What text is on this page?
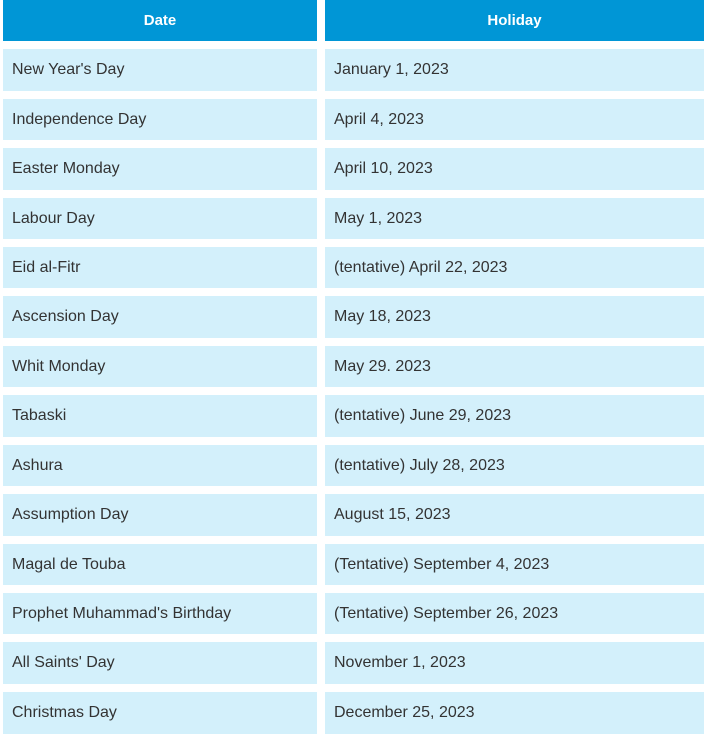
Date	Holiday
New Year's Day	January 1, 2023
Independence Day	April 4, 2023
Easter Monday	April 10, 2023
Labour Day	May 1, 2023
Eid al-Fitr	(tentative) April 22, 2023
Ascension Day	May 18, 2023
Whit Monday	May 29. 2023
Tabaski	(tentative) June 29, 2023
Ashura	(tentative) July 28, 2023
Assumption Day	August 15, 2023
Magal de Touba	(Tentative) September 4, 2023
Prophet Muhammad's Birthday	(Tentative) September 26, 2023
All Saints' Day	November 1, 2023
Christmas Day	December 25, 2023
